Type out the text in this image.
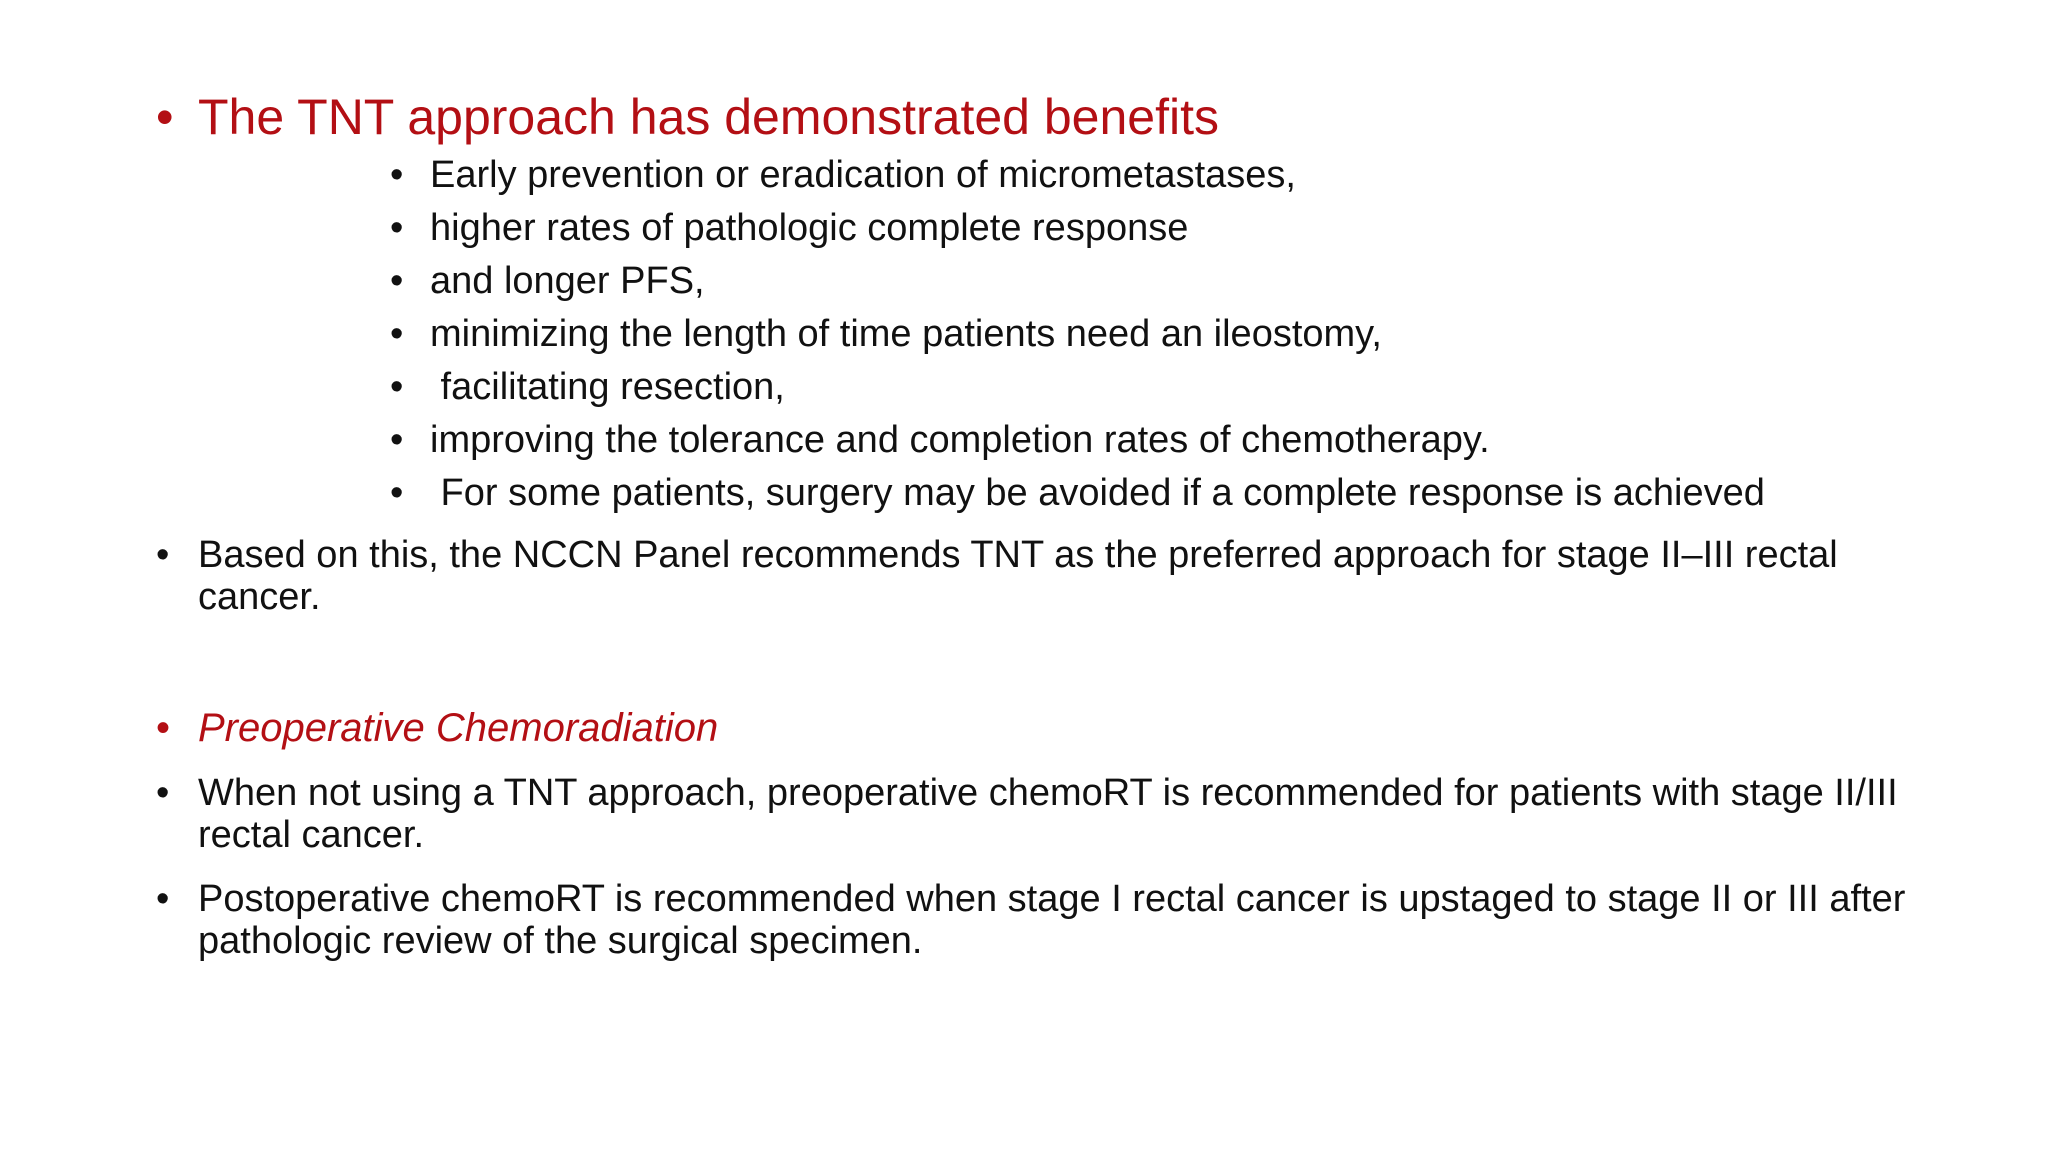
• The TNT approach has demonstrated benefits
• Early prevention or eradication of micrometastases,
• higher rates of pathologic complete response
• and longer PFS,
• minimizing the length of time patients need an ileostomy,
• facilitating resection,
• improving the tolerance and completion rates of chemotherapy.
• For some patients, surgery may be avoided if a complete response is achieved
• Based on this, the NCCN Panel recommends TNT as the preferred approach for stage II–III rectal cancer.
• Preoperative Chemoradiation
• When not using a TNT approach, preoperative chemoRT is recommended for patients with stage II/III rectal cancer.
• Postoperative chemoRT is recommended when stage I rectal cancer is upstaged to stage II or III after pathologic review of the surgical specimen.
